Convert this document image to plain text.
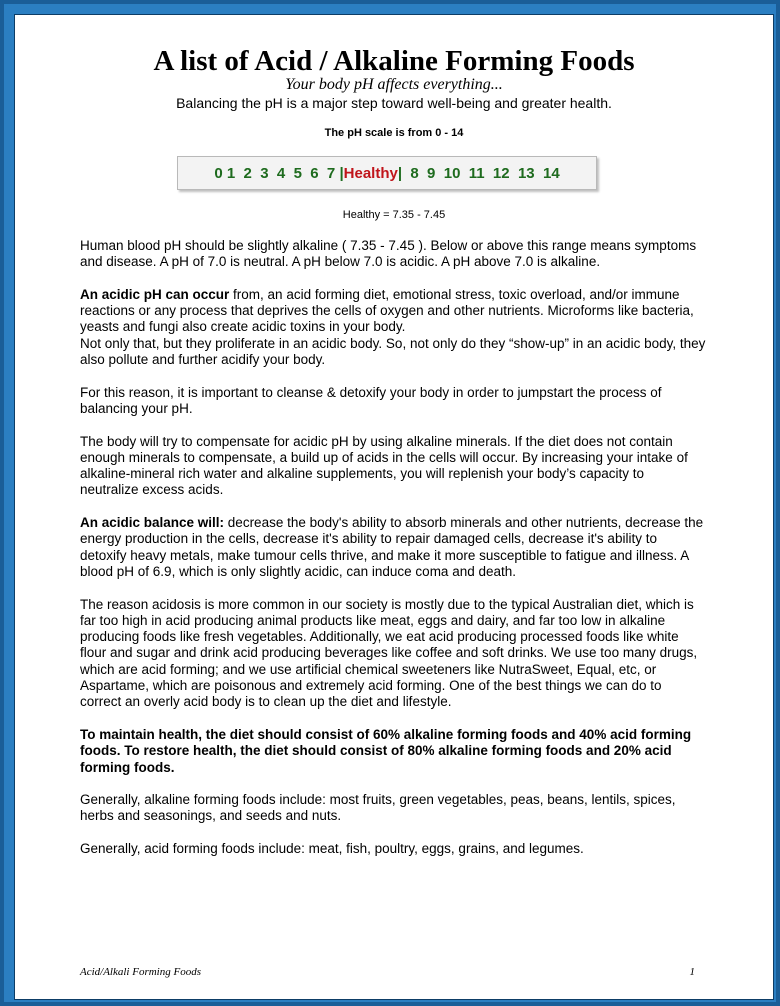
A list of Acid / Alkaline Forming Foods
Your body pH affects everything...
Balancing the pH is a major step toward well-being and greater health.
The pH scale is from 0 - 14
0 1  2  3  4  5  6  7 | Healthy | 8  9  10  11  12  13  14
Healthy = 7.35 - 7.45

Human blood pH should be slightly alkaline ( 7.35 - 7.45 ). Below or above this range means symptoms and disease. A pH of 7.0 is neutral. A pH below 7.0 is acidic. A pH above 7.0 is alkaline.

An acidic pH can occur from, an acid forming diet, emotional stress, toxic overload, and/or immune reactions or any process that deprives the cells of oxygen and other nutrients. Microforms like bacteria, yeasts and fungi also create acidic toxins in your body.
Not only that, but they proliferate in an acidic body. So, not only do they “show-up” in an acidic body, they also pollute and further acidify your body.

For this reason, it is important to cleanse & detoxify your body in order to jumpstart the process of balancing your pH.

The body will try to compensate for acidic pH by using alkaline minerals. If the diet does not contain enough minerals to compensate, a build up of acids in the cells will occur. By increasing your intake of alkaline-mineral rich water and alkaline supplements, you will replenish your body’s capacity to neutralize excess acids.

An acidic balance will: decrease the body's ability to absorb minerals and other nutrients, decrease the energy production in the cells, decrease it's ability to repair damaged cells, decrease it's ability to detoxify heavy metals, make tumour cells thrive, and make it more susceptible to fatigue and illness. A blood pH of 6.9, which is only slightly acidic, can induce coma and death.

The reason acidosis is more common in our society is mostly due to the typical Australian diet, which is far too high in acid producing animal products like meat, eggs and dairy, and far too low in alkaline producing foods like fresh vegetables. Additionally, we eat acid producing processed foods like white flour and sugar and drink acid producing beverages like coffee and soft drinks. We use too many drugs, which are acid forming; and we use artificial chemical sweeteners like NutraSweet, Equal, etc, or Aspartame, which are poisonous and extremely acid forming. One of the best things we can do to correct an overly acid body is to clean up the diet and lifestyle.

To maintain health, the diet should consist of 60% alkaline forming foods and 40% acid forming foods. To restore health, the diet should consist of 80% alkaline forming foods and 20% acid forming foods.

Generally, alkaline forming foods include: most fruits, green vegetables, peas, beans, lentils, spices, herbs and seasonings, and seeds and nuts.

Generally, acid forming foods include: meat, fish, poultry, eggs, grains, and legumes.

Acid/Alkali Forming Foods	1
